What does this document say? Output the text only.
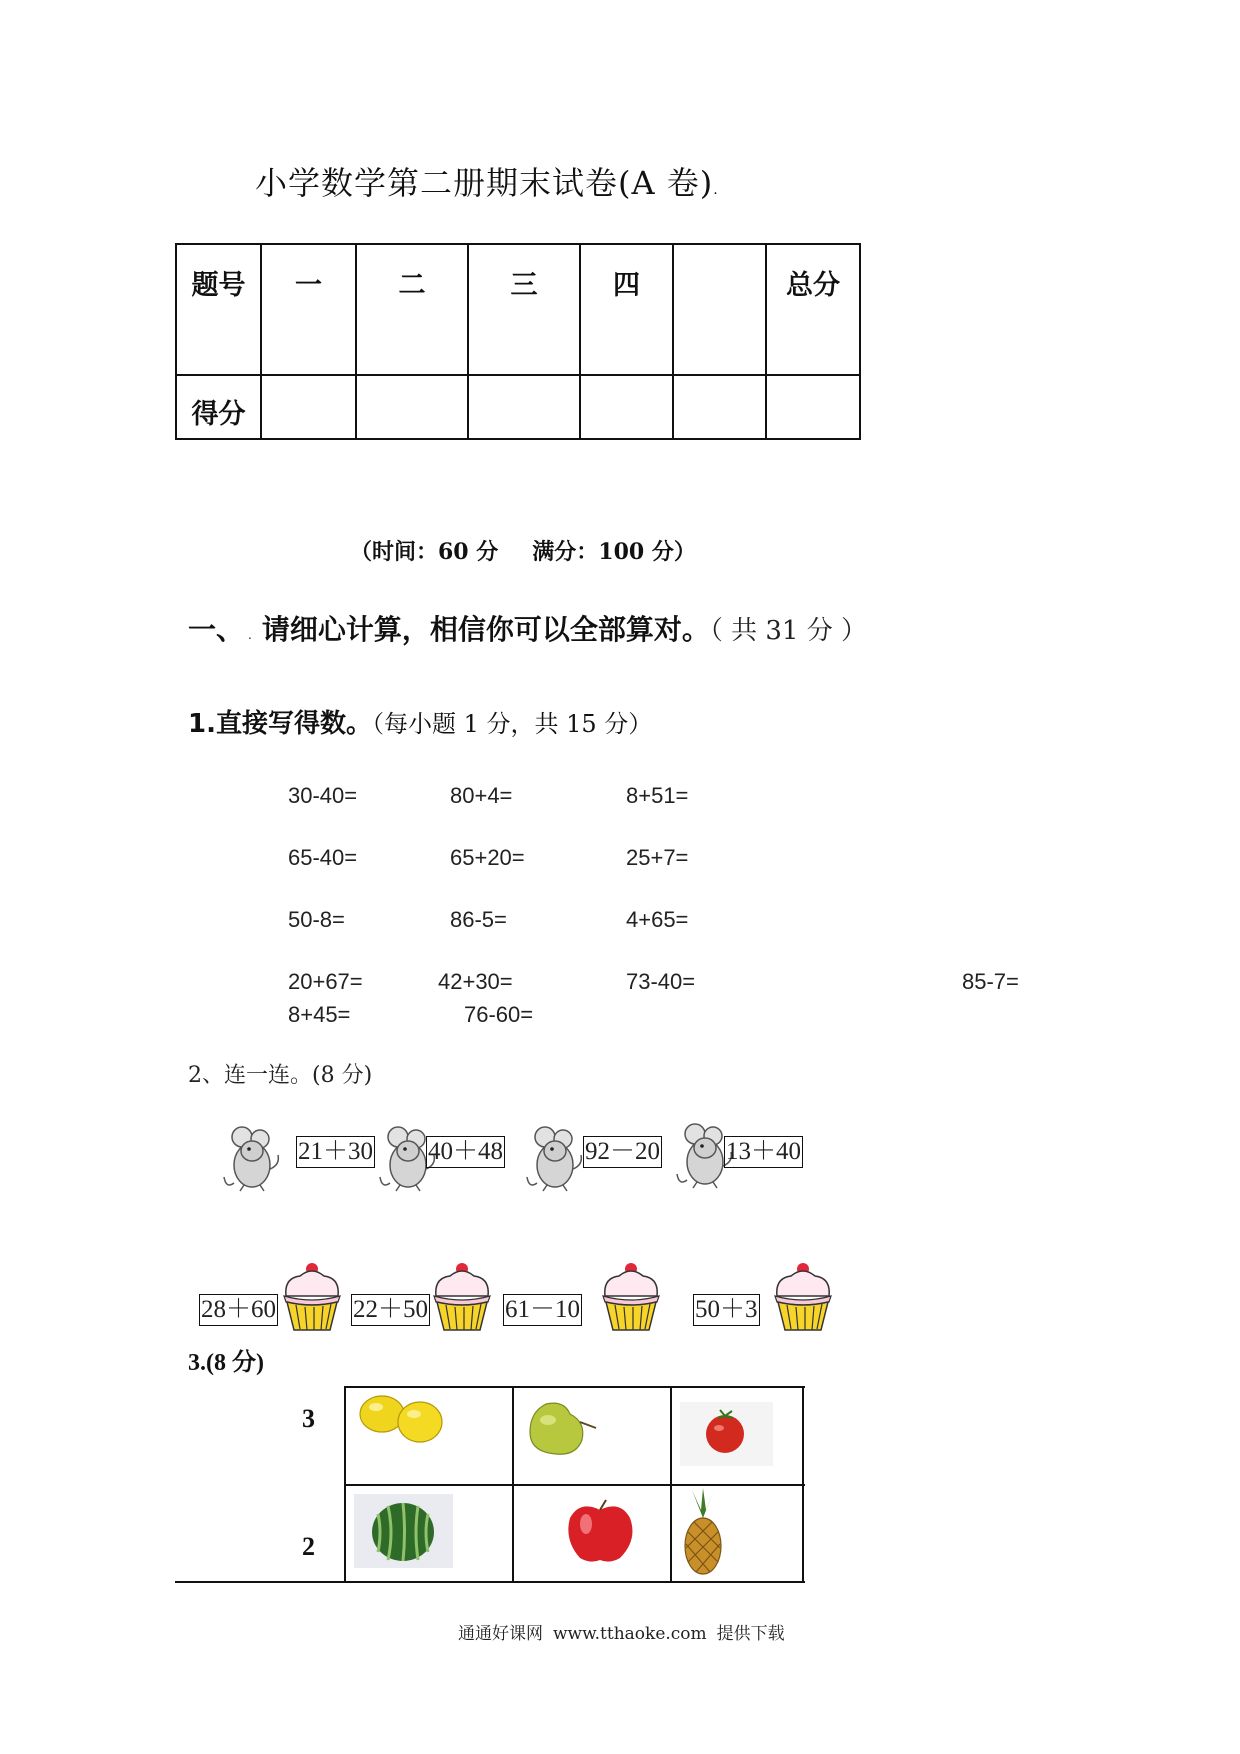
小学数学第二册期末试卷(A 卷).
题号	一	二	三	四		总分

得分						

（时间：60 分 满分：100 分）
一、 . 请细心计算，相信你可以全部算对。（ 共 31 分 ）
1.直接写得数。（每小题 1 分，共 15 分）
30-40=	80+4=	8+51=
65-40=	65+20=	25+7=
50-8=	86-5=	4+65=
20+67=	42+30=	73-40=	85-7=
8+45=	76-60=
2、连一连。(8 分)
21＋30 40＋48	92－20	13＋40
28＋60	22＋50	61－10	50＋3
3.(8 分)
3
2
通通好课网 www.tthaoke.com 提供下载
